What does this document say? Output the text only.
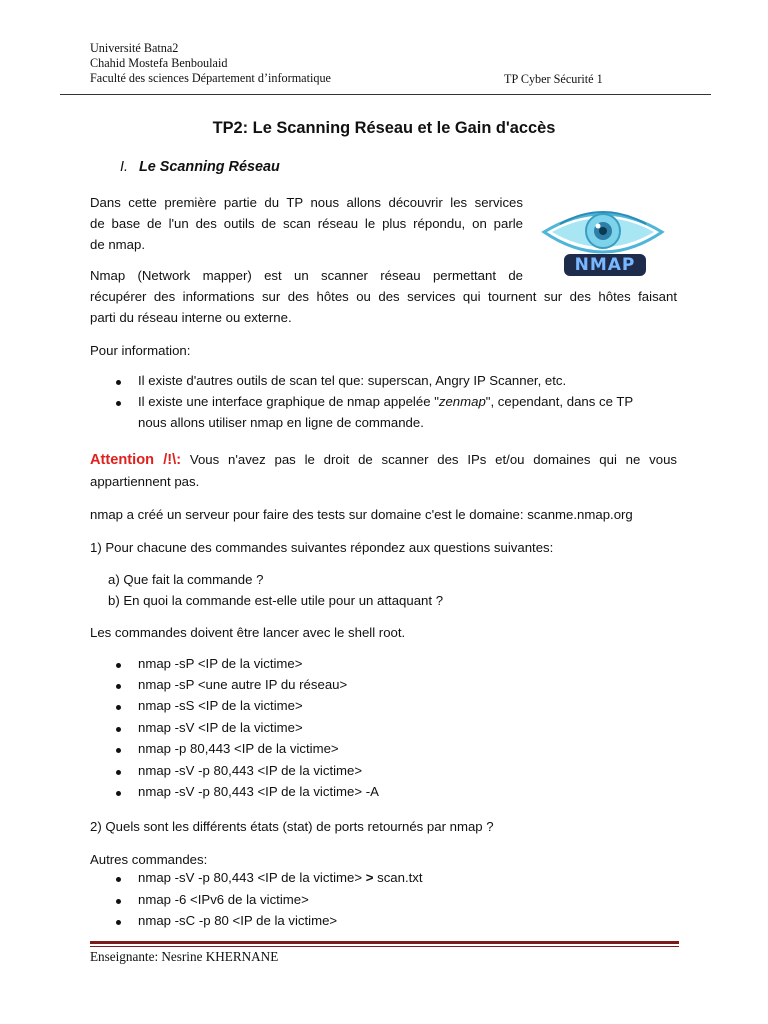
Université Batna2
Chahid Mostefa Benboulaid
Faculté des sciences Département d’informatique	TP Cyber Sécurité 1
TP2: Le Scanning Réseau et le Gain d'accès
I. Le Scanning Réseau
Dans cette première partie du TP nous allons découvrir les services
de base de l'un des outils de scan réseau le plus répondu, on parle
de nmap.
NMAP
Nmap (Network mapper) est un scanner réseau permettant de
récupérer des informations sur des hôtes ou des services qui tournent sur des hôtes faisant
parti du réseau interne ou externe.
Pour information:
Il existe d'autres outils de scan tel que: superscan, Angry IP Scanner, etc.
Il existe une interface graphique de nmap appelée "zenmap", cependant, dans ce TP
nous allons utiliser nmap en ligne de commande.
Attention /!\: Vous n'avez pas le droit de scanner des IPs et/ou domaines qui ne vous
appartiennent pas.
nmap a créé un serveur pour faire des tests sur domaine c'est le domaine: scanme.nmap.org
1) Pour chacune des commandes suivantes répondez aux questions suivantes:
a) Que fait la commande ?
b) En quoi la commande est-elle utile pour un attaquant ?
Les commandes doivent être lancer avec le shell root.
nmap -sP <IP de la victime>
nmap -sP <une autre IP du réseau>
nmap -sS <IP de la victime>
nmap -sV <IP de la victime>
nmap -p 80,443 <IP de la victime>
nmap -sV -p 80,443 <IP de la victime>
nmap -sV -p 80,443 <IP de la victime> -A
2) Quels sont les différents états (stat) de ports retournés par nmap ?
Autres commandes:
nmap -sV -p 80,443 <IP de la victime> > scan.txt
nmap -6 <IPv6 de la victime>
nmap -sC -p 80 <IP de la victime>
Enseignante: Nesrine KHERNANE
